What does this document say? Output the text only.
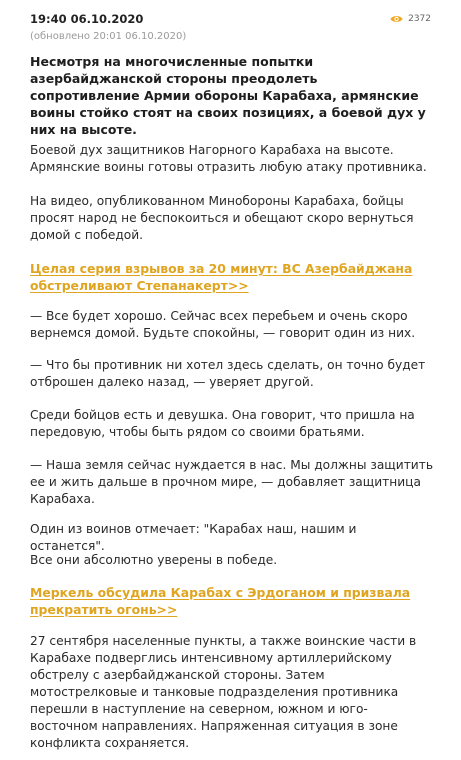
19:40 06.10.2020	2372
(обновлено 20:01 06.10.2020)
Несмотря на многочисленные попытки азербайджанской стороны преодолеть сопротивление Армии обороны Карабаха, армянские воины стойко стоят на своих позициях, а боевой дух у них на высоте.

Боевой дух защитников Нагорного Карабаха на высоте. Армянские воины готовы отразить любую атаку противника.

На видео, опубликованном Минобороны Карабаха, бойцы просят народ не беспокоиться и обещают скоро вернуться домой с победой.

Целая серия взрывов за 20 минут: ВС Азербайджана обстреливают Степанакерт>>

— Все будет хорошо. Сейчас всех перебьем и очень скоро вернемся домой. Будьте спокойны, — говорит один из них.

— Что бы противник ни хотел здесь сделать, он точно будет отброшен далеко назад, — уверяет другой.

Среди бойцов есть и девушка. Она говорит, что пришла на передовую, чтобы быть рядом со своими братьями.

— Наша земля сейчас нуждается в нас. Мы должны защитить ее и жить дальше в прочном мире, — добавляет защитница Карабаха.

Один из воинов отмечает: "Карабах наш, нашим и останется".

Все они абсолютно уверены в победе.

Меркель обсудила Карабах с Эрдоганом и призвала прекратить огонь>>

27 сентября населенные пункты, а также воинские части в Карабахе подверглись интенсивному артиллерийскому обстрелу с азербайджанской стороны. Затем мотострелковые и танковые подразделения противника перешли в наступление на северном, южном и юго-восточном направлениях. Напряженная ситуация в зоне конфликта сохраняется.
